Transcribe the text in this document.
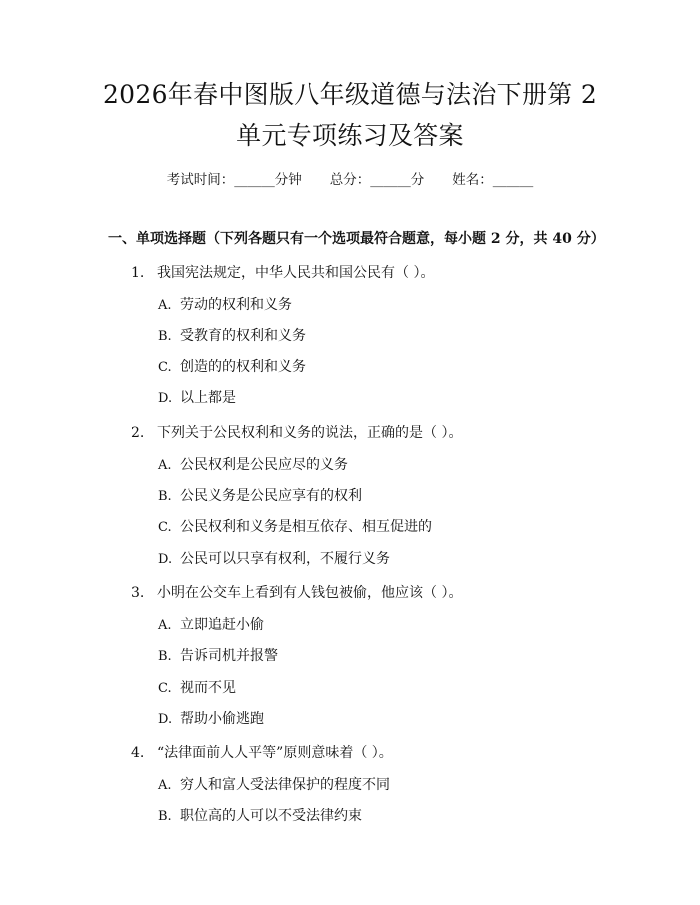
2026年春中图版八年级道德与法治下册第 2
单元专项练习及答案
考试时间：______分钟 总分：______分 姓名：______
一、单项选择题（下列各题只有一个选项最符合题意，每小题 2 分，共 40 分）
1. 我国宪法规定，中华人民共和国公民有（ ）。
A. 劳动的权利和义务
B. 受教育的权利和义务
C. 创造的的权利和义务
D. 以上都是
2. 下列关于公民权利和义务的说法，正确的是（ ）。
A. 公民权利是公民应尽的义务
B. 公民义务是公民应享有的权利
C. 公民权利和义务是相互依存、相互促进的
D. 公民可以只享有权利，不履行义务
3. 小明在公交车上看到有人钱包被偷，他应该（ ）。
A. 立即追赶小偷
B. 告诉司机并报警
C. 视而不见
D. 帮助小偷逃跑
4. “法律面前人人平等”原则意味着（ ）。
A. 穷人和富人受法律保护的程度不同
B. 职位高的人可以不受法律约束
